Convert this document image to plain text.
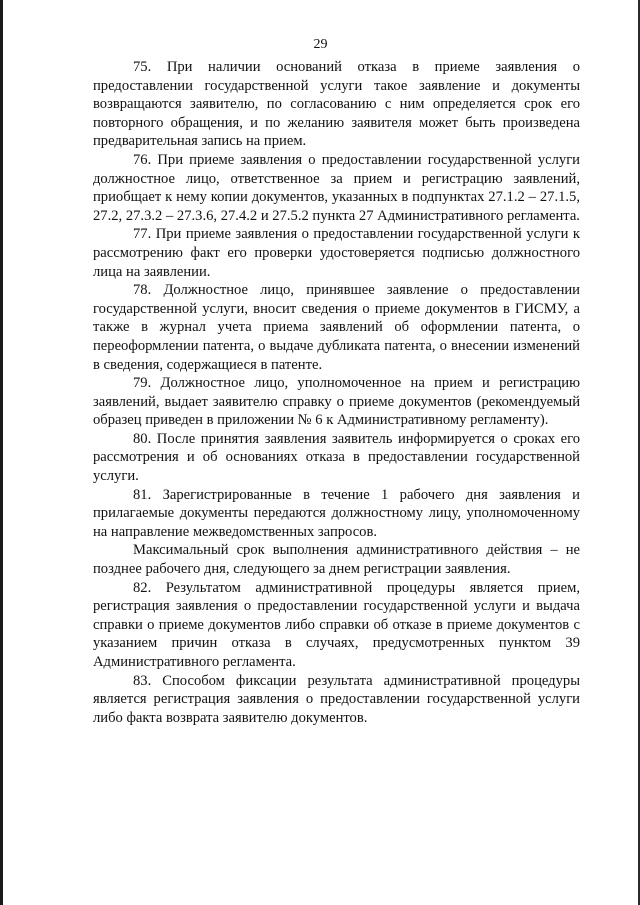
29

75. При наличии оснований отказа в приеме заявления о предоставлении государственной услуги такое заявление и документы возвращаются заявителю, по согласованию с ним определяется срок его повторного обращения, и по желанию заявителя может быть произведена предварительная запись на прием.

76. При приеме заявления о предоставлении государственной услуги должностное лицо, ответственное за прием и регистрацию заявлений, приобщает к нему копии документов, указанных в подпунктах 27.1.2 – 27.1.5, 27.2, 27.3.2 – 27.3.6, 27.4.2 и 27.5.2 пункта 27 Административного регламента.

77. При приеме заявления о предоставлении государственной услуги к рассмотрению факт его проверки удостоверяется подписью должностного лица на заявлении.

78. Должностное лицо, принявшее заявление о предоставлении государственной услуги, вносит сведения о приеме документов в ГИСМУ, а также в журнал учета приема заявлений об оформлении патента, о переоформлении патента, о выдаче дубликата патента, о внесении изменений в сведения, содержащиеся в патенте.

79. Должностное лицо, уполномоченное на прием и регистрацию заявлений, выдает заявителю справку о приеме документов (рекомендуемый образец приведен в приложении № 6 к Административному регламенту).

80. После принятия заявления заявитель информируется о сроках его рассмотрения и об основаниях отказа в предоставлении государственной услуги.

81. Зарегистрированные в течение 1 рабочего дня заявления и прилагаемые документы передаются должностному лицу, уполномоченному на направление межведомственных запросов.

Максимальный срок выполнения административного действия – не позднее рабочего дня, следующего за днем регистрации заявления.

82. Результатом административной процедуры является прием, регистрация заявления о предоставлении государственной услуги и выдача справки о приеме документов либо справки об отказе в приеме документов с указанием причин отказа в случаях, предусмотренных пунктом 39 Административного регламента.

83. Способом фиксации результата административной процедуры является регистрация заявления о предоставлении государственной услуги либо факта возврата заявителю документов.
